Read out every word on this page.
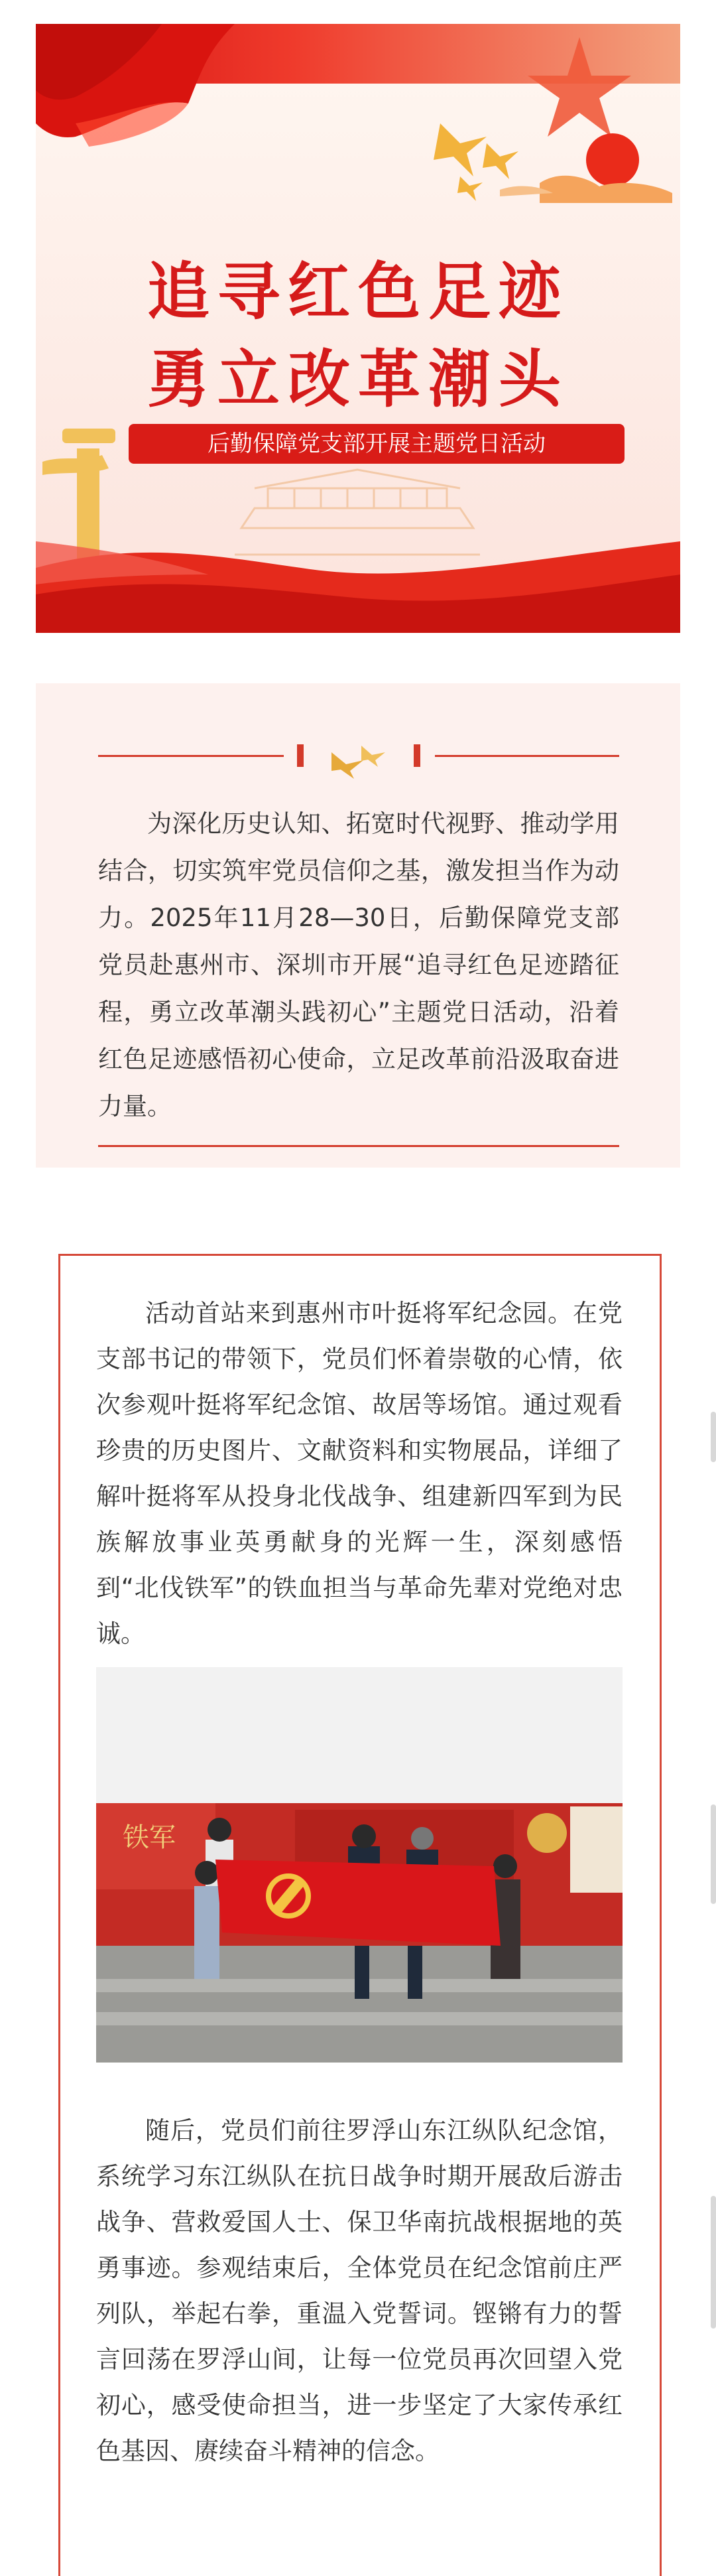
追寻红色足迹
勇立改革潮头
后勤保障党支部开展主题党日活动

为深化历史认知、拓宽时代视野、推动学用结合，切实筑牢党员信仰之基，激发担当作为动力。2025年11月28—30日，后勤保障党支部党员赴惠州市、深圳市开展“追寻红色足迹踏征程，勇立改革潮头践初心”主题党日活动，沿着红色足迹感悟初心使命，立足改革前沿汲取奋进力量。

活动首站来到惠州市叶挺将军纪念园。在党支部书记的带领下，党员们怀着崇敬的心情，依次参观叶挺将军纪念馆、故居等场馆。通过观看珍贵的历史图片、文献资料和实物展品，详细了解叶挺将军从投身北伐战争、组建新四军到为民族解放事业英勇献身的光辉一生，深刻感悟到“北伐铁军”的铁血担当与革命先辈对党绝对忠诚。

铁军

随后，党员们前往罗浮山东江纵队纪念馆，系统学习东江纵队在抗日战争时期开展敌后游击战争、营救爱国人士、保卫华南抗战根据地的英勇事迹。参观结束后，全体党员在纪念馆前庄严列队，举起右拳，重温入党誓词。铿锵有力的誓言回荡在罗浮山间，让每一位党员再次回望入党初心，感受使命担当，进一步坚定了大家传承红色基因、赓续奋斗精神的信念。
